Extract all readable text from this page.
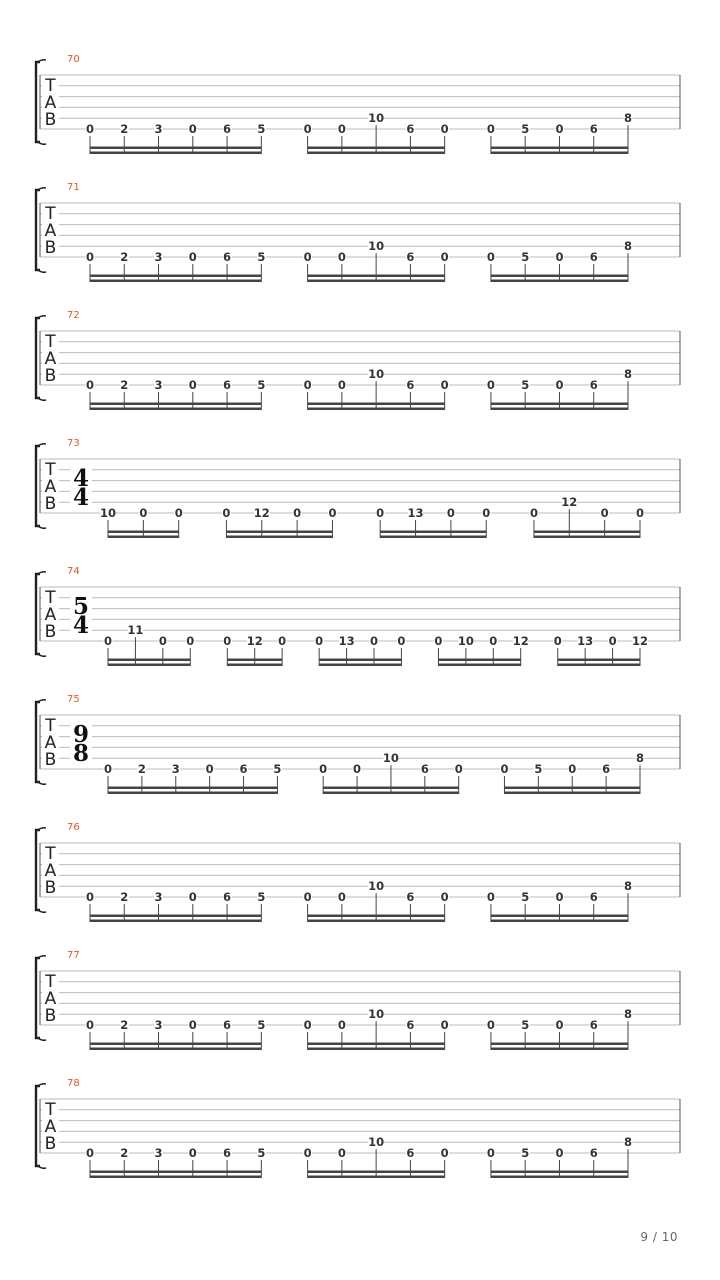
70
T
A
B	0 2 3 0 6 5	0 0
10
6 0	0 5 0 6
8
71
T
A
B	0 2 3 0 6 5	0 0
10
6 0	0 5 0 6
8
72
T
A
B	0 2 3 0 6 5	0 0
10
6 0	0 5 0 6
8
73
T
A
B
4
4
10 0 0	0 12 0 0	0 13 0 0	0
12
0 0
74
T
A
B
5
4
0
11
0 0	0 12 0	0 13 0 0	0 10 0 12 0 13 0 12
75
T
A
B
9
8
0 2 3 0 6 5	0 0
10
6 0	0 5 0 6
8
76
T
A
B	0 2 3 0 6 5	0 0
10
6 0	0 5 0 6
8
77
T
A
B	0 2 3 0 6 5	0 0
10
6 0	0 5 0 6
8
78
T
A
B	0 2 3 0 6 5	0 0
10
6 0	0 5 0 6
8
9 / 10
